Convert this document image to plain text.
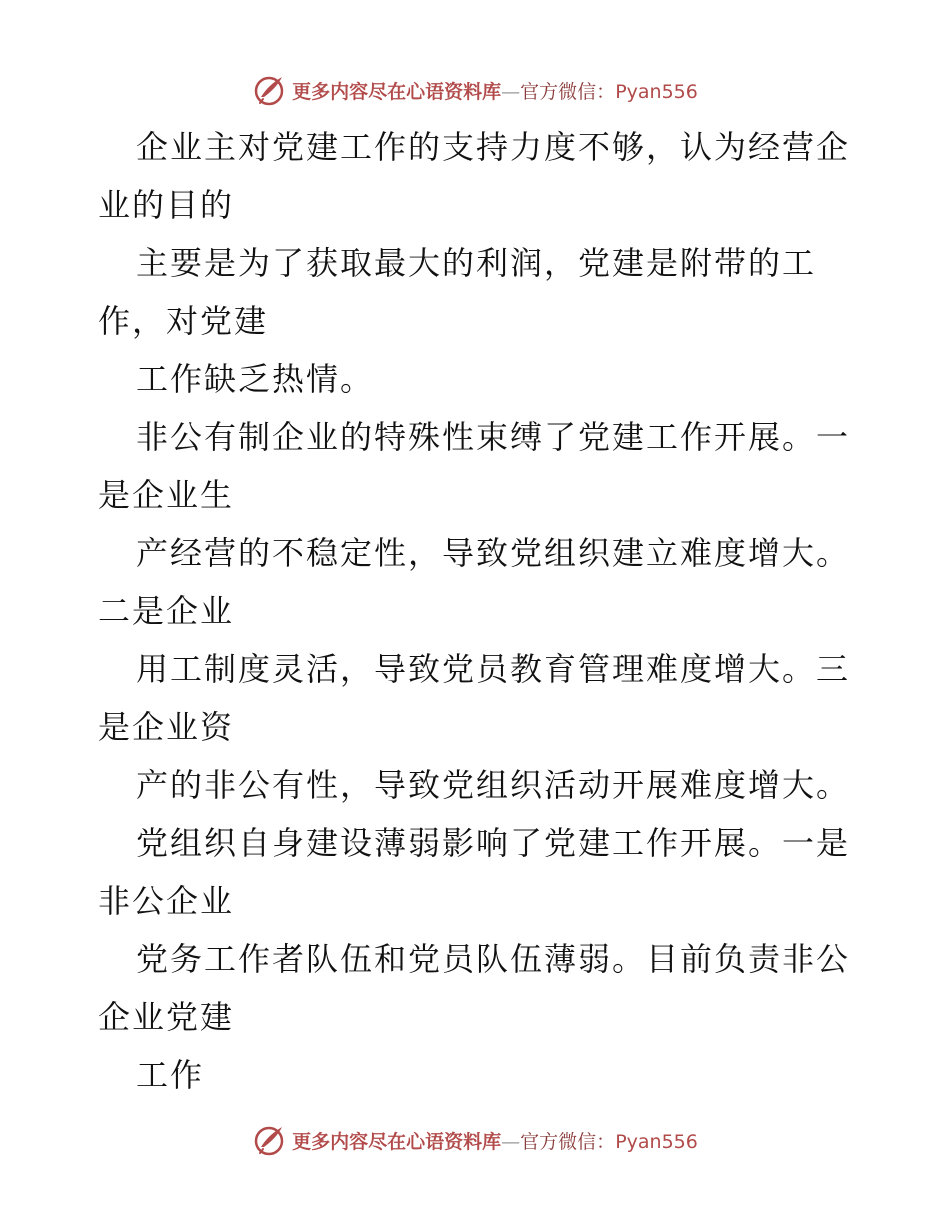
更多内容尽在心语资料库—官方微信：Pyan556
企业主对党建工作的支持力度不够，认为经营企
业的目的
主要是为了获取最大的利润，党建是附带的工
作，对党建
工作缺乏热情。
非公有制企业的特殊性束缚了党建工作开展。一
是企业生
产经营的不稳定性，导致党组织建立难度增大。
二是企业
用工制度灵活，导致党员教育管理难度增大。三
是企业资
产的非公有性，导致党组织活动开展难度增大。
党组织自身建设薄弱影响了党建工作开展。一是
非公企业
党务工作者队伍和党员队伍薄弱。目前负责非公
企业党建
工作
更多内容尽在心语资料库—官方微信：Pyan556
